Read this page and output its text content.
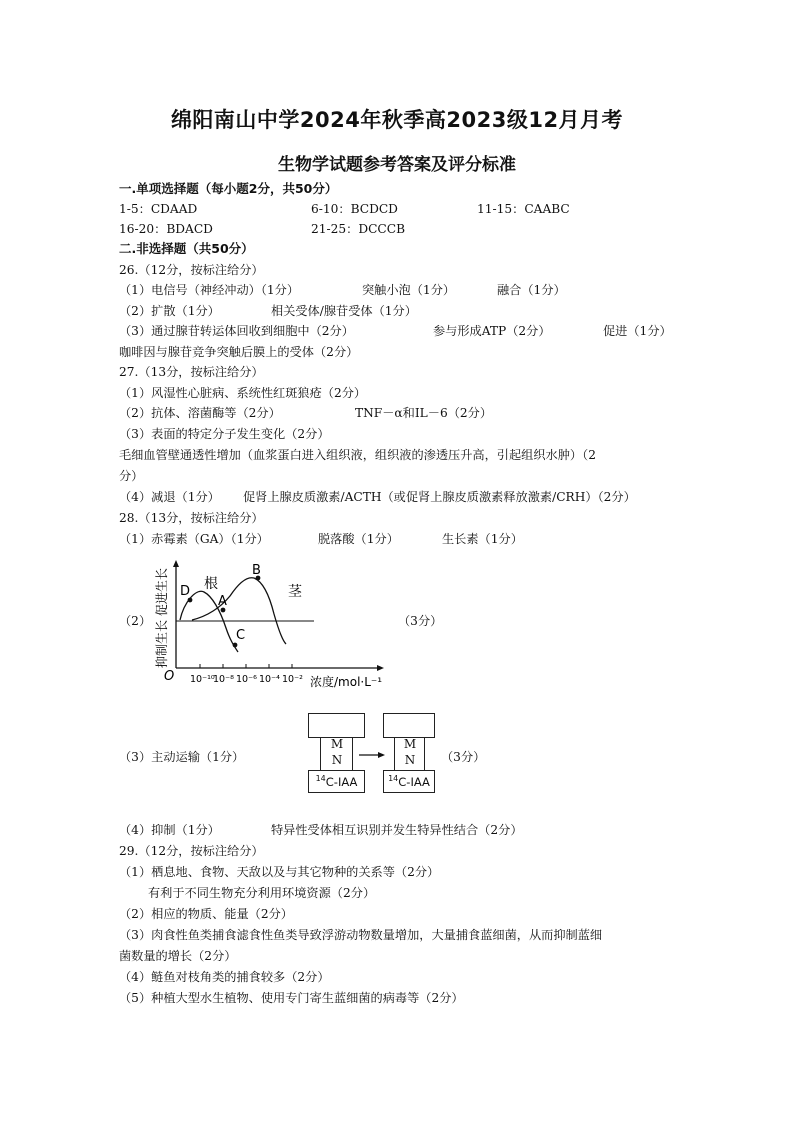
绵阳南山中学2024年秋季高2023级12月月考
生物学试题参考答案及评分标准
一.单项选择题（每小题2分，共50分）
1-5：CDAAD	6-10：BCDCD	11-15：CAABC
16-20：BDACD	21-25：DCCCB
二.非选择题（共50分）
26.（12分，按标注给分）
（1）电信号（神经冲动）（1分）	突触小泡（1分）	融合（1分）
（2）扩散（1分）	相关受体/腺苷受体（1分）
（3）通过腺苷转运体回收到细胞中（2分）	参与形成ATP（2分）	促进（1分）
咖啡因与腺苷竞争突触后膜上的受体（2分）
27.（13分，按标注给分）
（1）风湿性心脏病、系统性红斑狼疮（2分）
（2）抗体、溶菌酶等（2分）	TNF－α和IL－6（2分）
（3）表面的特定分子发生变化（2分）
毛细血管壁通透性增加（血浆蛋白进入组织液，组织液的渗透压升高，引起组织水肿）（2
分）
（4）减退（1分） 促肾上腺皮质激素/ACTH（或促肾上腺皮质激素释放激素/CRH）（2分）
28.（13分，按标注给分）
（1）赤霉素（GA）（1分）	脱落酸（1分）	生长素（1分）
（2）	（3分）
D
A
B
C
根	茎
O
抑制生长 促进生长
10⁻¹⁰
10⁻⁸ 10⁻⁶ 10⁻⁴ 10⁻² 浓度/mol·L⁻¹
（3）主动运输（1分）	（3分）
M
N
$^{14}$C-IAA
M
N
$^{14}$C-IAA
（4）抑制（1分）	特异性受体相互识别并发生特异性结合（2分）
29.（12分，按标注给分）
（1）栖息地、食物、天敌以及与其它物种的关系等（2分）
有利于不同生物充分利用环境资源（2分）
（2）相应的物质、能量（2分）
（3）肉食性鱼类捕食滤食性鱼类导致浮游动物数量增加，大量捕食蓝细菌，从而抑制蓝细
菌数量的增长（2分）
（4）鲢鱼对枝角类的捕食较多（2分）
（5）种植大型水生植物、使用专门寄生蓝细菌的病毒等（2分）
